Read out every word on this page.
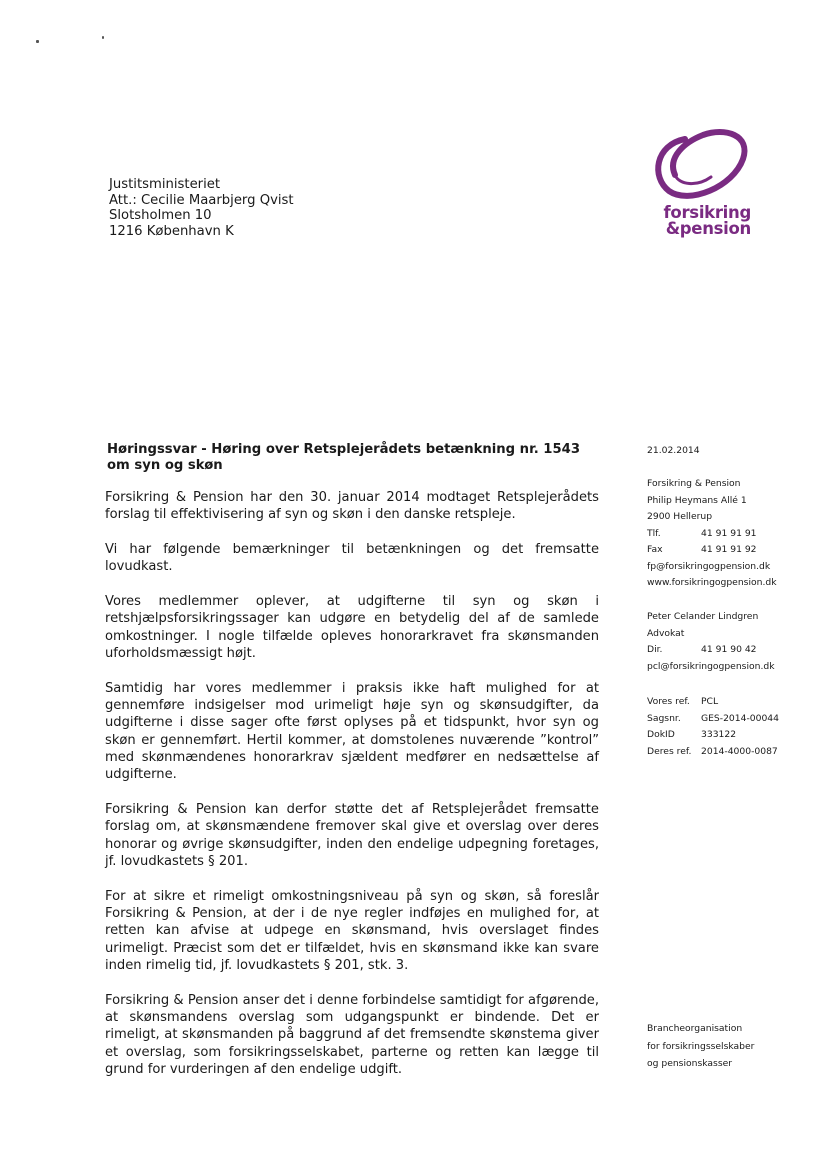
Justitsministeriet
Att.: Cecilie Maarbjerg Qvist
Slotsholmen 10
1216 København K
forsikring
&pension
Høringssvar - Høring over Retsplejerådets betænkning nr. 1543 om syn og skøn

Forsikring & Pension har den 30. januar 2014 modtaget Retsplejerådets forslag til effektivisering af syn og skøn i den danske retspleje.

Vi har følgende bemærkninger til betænkningen og det fremsatte lovudkast.

Vores medlemmer oplever, at udgifterne til syn og skøn i retshjælpsforsikringssager kan udgøre en betydelig del af de samlede omkostninger. I nogle tilfælde opleves honorarkravet fra skønsmanden uforholdsmæssigt højt.

Samtidig har vores medlemmer i praksis ikke haft mulighed for at gennemføre indsigelser mod urimeligt høje syn og skønsudgifter, da udgifterne i disse sager ofte først oplyses på et tidspunkt, hvor syn og skøn er gennemført. Hertil kommer, at domstolenes nuværende ”kontrol” med skønmændenes honorarkrav sjældent medfører en nedsættelse af udgifterne.

Forsikring & Pension kan derfor støtte det af Retsplejerådet fremsatte forslag om, at skønsmændene fremover skal give et overslag over deres honorar og øvrige skønsudgifter, inden den endelige udpegning foretages, jf. lovudkastets § 201.

For at sikre et rimeligt omkostningsniveau på syn og skøn, så foreslår Forsikring & Pension, at der i de nye regler indføjes en mulighed for, at retten kan afvise at udpege en skønsmand, hvis overslaget findes urimeligt. Præcist som det er tilfældet, hvis en skønsmand ikke kan svare inden rimelig tid, jf. lovudkastets § 201, stk. 3.

Forsikring & Pension anser det i denne forbindelse samtidigt for afgørende, at skønsmandens overslag som udgangspunkt er bindende. Det er rimeligt, at skønsmanden på baggrund af det fremsendte skønstema giver et overslag, som forsikringsselskabet, parterne og retten kan lægge til grund for vurderingen af den endelige udgift.

21.02.2014
Forsikring & Pension
Philip Heymans Allé 1
2900 Hellerup
Tlf.	41 91 91 91
Fax	41 91 91 92
fp@forsikringogpension.dk
www.forsikringogpension.dk
Peter Celander Lindgren
Advokat
Dir.	41 91 90 42
pcl@forsikringogpension.dk
Vores ref.	PCL
Sagsnr.	GES-2014-00044
DokID	333122
Deres ref.	2014-4000-0087
Brancheorganisation
for forsikringsselskaber
og pensionskasser
